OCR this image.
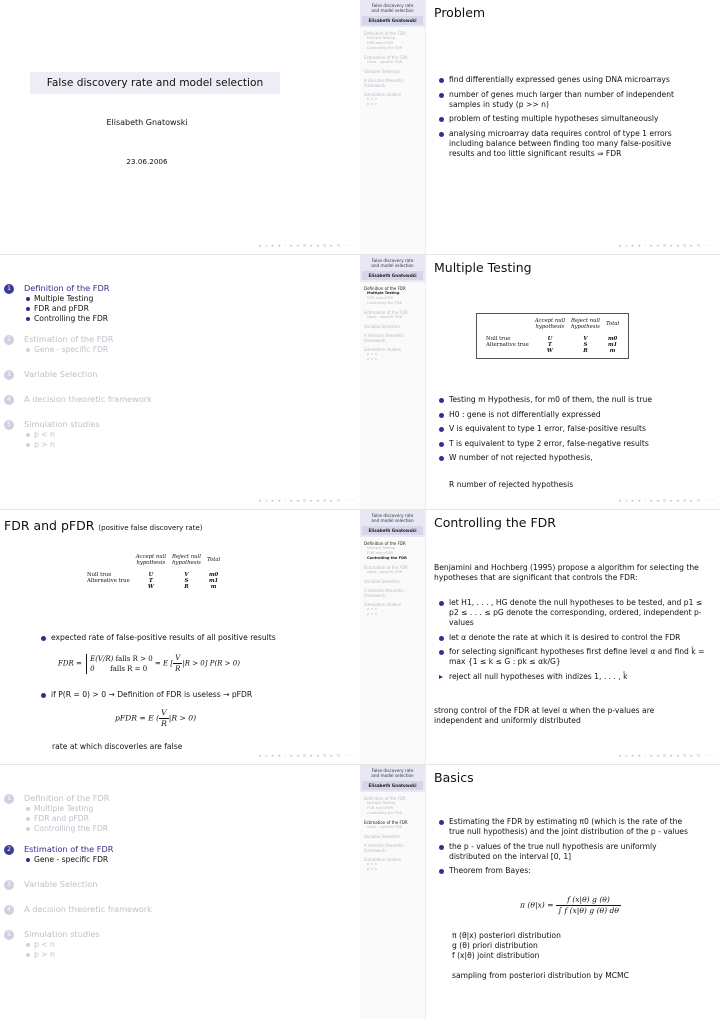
False discovery rate and model selection
Elisabeth Gnatowski
23.06.2006
◂ ▫ ▸ ◂ ◦ ▸ ◂ ≡ ▸ ◂ ≡ ▸ ≡ ◦◦◦
False discovery rate
and model selection
Elisabeth Gnatowski
Definition of the FDR
Multiple Testing
FDR and pFDR
Controlling the FDR
Estimation of the FDR
Gene - specific FDR
Variable Selection
A decision theoretic framework
Simulation studies
p < n
p > n
Problem
find differentially expressed genes using DNA microarrays
number of genes much larger than number of independent samples in study (p >> n)
problem of testing multiple hypotheses simultaneously
analysing microarray data requires control of type 1 errors including balance between finding too many false-positive results and too little significant results ⇒ FDR
◂ ▫ ▸ ◂ ◦ ▸ ◂ ≡ ▸ ◂ ≡ ▸ ≡ ◦◦◦
1	Definition of the FDR
Multiple Testing
FDR and pFDR
Controlling the FDR
2	Estimation of the FDR
Gene - specific FDR
3	Variable Selection
4	A decision theoretic framework
5	Simulation studies
p < n
p > n
◂ ▫ ▸ ◂ ◦ ▸ ◂ ≡ ▸ ◂ ≡ ▸ ≡ ◦◦◦
False discovery rate
and model selection
Elisabeth Gnatowski
Definition of the FDR
Multiple Testing
FDR and pFDR
Controlling the FDR
Estimation of the FDR
Gene - specific FDR
Variable Selection
A decision theoretic framework
Simulation studies
p < n
p > n
Multiple Testing
	Accept null
hypothesis	Reject null
hypothesis	Total

Null true	U	V	m0
Alternative true	T	S	m1
	W	R	m
Testing m Hypothesis, for m0 of them, the null is true
H0 : gene is not differentially expressed
V is equivalent to type 1 error, false-positive results
T is equivalent to type 2 error, false-negative results
W number of not rejected hypothesis,
R number of rejected hypothesis
◂ ▫ ▸ ◂ ◦ ▸ ◂ ≡ ▸ ◂ ≡ ▸ ≡ ◦◦◦
FDR and pFDR (positive false discovery rate)
	Accept null
hypothesis	Reject null
hypothesis	Total

Null true	U	V	m0
Alternative true	T	S	m1
	W	R	m
expected rate of false-positive results of all positive results
FDR =
E(V/R) falls R > 0
0 falls R = 0
= E [ $\frac{V}{R} |R > 0$] P(R > 0)
if P(R = 0) > 0 → Definition of FDR is useless → pFDR
pFDR = E ( $\frac{V}{R} |R > 0$)
rate at which discoveries are false
◂ ▫ ▸ ◂ ◦ ▸ ◂ ≡ ▸ ◂ ≡ ▸ ≡ ◦◦◦
False discovery rate
and model selection
Elisabeth Gnatowski
Definition of the FDR
Multiple Testing
FDR and pFDR
Controlling the FDR
Estimation of the FDR
Gene - specific FDR
Variable Selection
A decision theoretic framework
Simulation studies
p < n
p > n
Controlling the FDR
Benjamini and Hochberg (1995) propose a algorithm for selecting the hypotheses that are significant that controls the FDR:
let H1, . . . , HG denote the null hypotheses to be tested, and p1 ≤ p2 ≤ . . . ≤ pG denote the corresponding, ordered, independent p-values
let α denote the rate at which it is desired to control the FDR
for selecting significant hypotheses first define level α and find k̂ = max {1 ≤ k ≤ G : pk ≤ αk/G}
reject all null hypotheses with indizes 1, . . . , k̂
strong control of the FDR at level α when the p-values are independent and uniformly distributed
◂ ▫ ▸ ◂ ◦ ▸ ◂ ≡ ▸ ◂ ≡ ▸ ≡ ◦◦◦
1	Definition of the FDR
Multiple Testing
FDR and pFDR
Controlling the FDR
2	Estimation of the FDR
Gene - specific FDR
3	Variable Selection
4	A decision theoretic framework
5	Simulation studies
p < n
p > n
False discovery rate
and model selection
Elisabeth Gnatowski
Definition of the FDR
Multiple Testing
FDR and pFDR
Controlling the FDR
Estimation of the FDR
Gene - specific FDR
Variable Selection
A decision theoretic framework
Simulation studies
p < n
p > n
Basics
Estimating the FDR by estimating π0 (which is the rate of the true null hypothesis) and the joint distribution of the p - values
the p - values of the true null hypothesis are uniformly distributed on the interval [0, 1]
Theorem from Bayes:
π $(\theta|x) = \frac{f (x|\theta) g (\theta)}{\int f (x|\theta) g (\theta) d\theta}$
π (θ|x) posteriori distribution
g (θ) priori distribution
f (x|θ) joint distribution
sampling from posteriori distribution by MCMC
